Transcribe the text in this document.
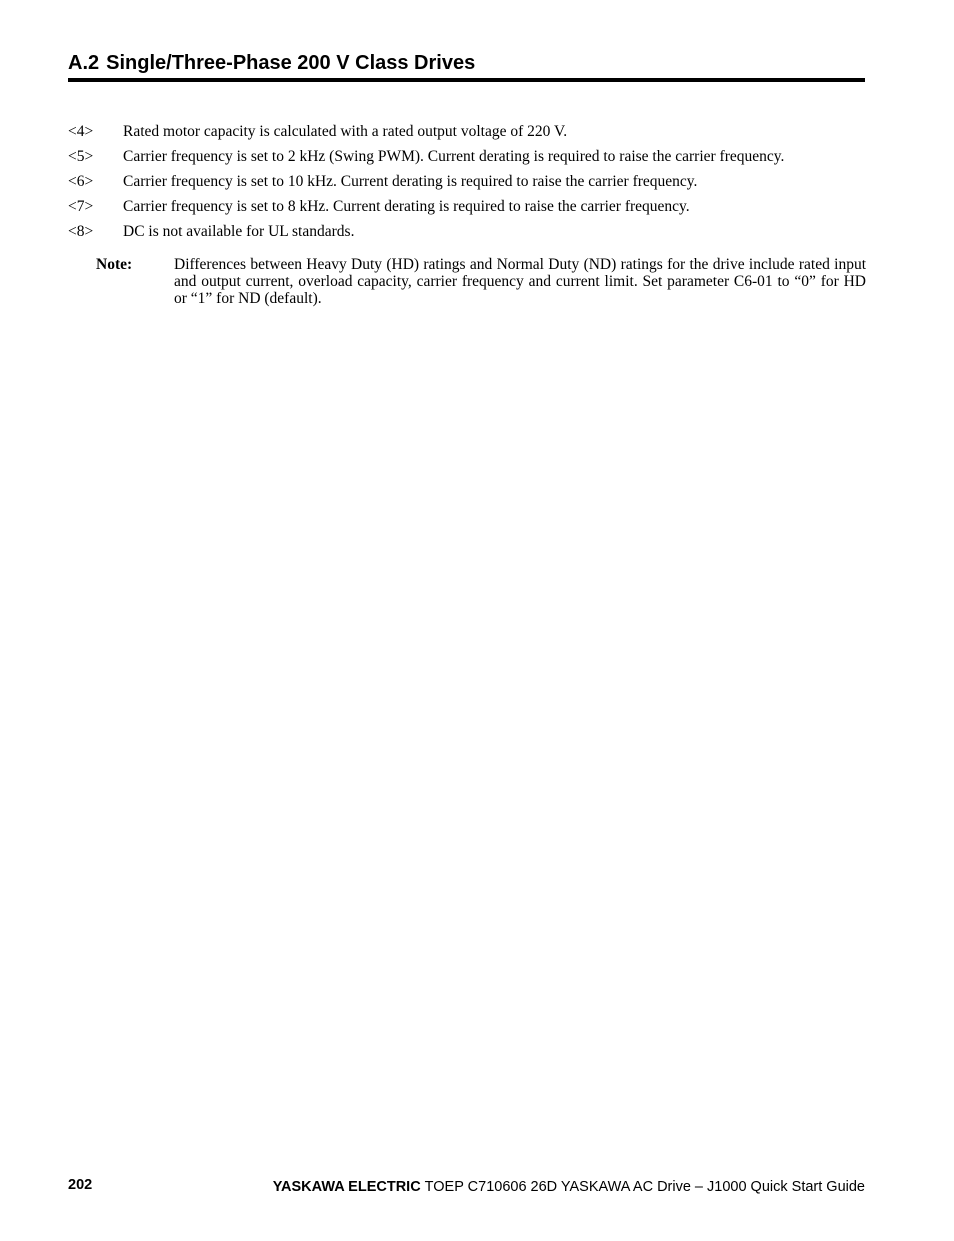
A.2 Single/Three-Phase 200 V Class Drives
<4> Rated motor capacity is calculated with a rated output voltage of 220 V.
<5> Carrier frequency is set to 2 kHz (Swing PWM). Current derating is required to raise the carrier frequency.
<6> Carrier frequency is set to 10 kHz. Current derating is required to raise the carrier frequency.
<7> Carrier frequency is set to 8 kHz. Current derating is required to raise the carrier frequency.
<8> DC is not available for UL standards.
Note:	Differences between Heavy Duty (HD) ratings and Normal Duty (ND) ratings for the drive include rated input and output current, overload capacity, carrier frequency and current limit. Set parameter C6-01 to “0” for HD or “1” for ND (default).
202	YASKAWA ELECTRIC TOEP C710606 26D YASKAWA AC Drive – J1000 Quick Start Guide
